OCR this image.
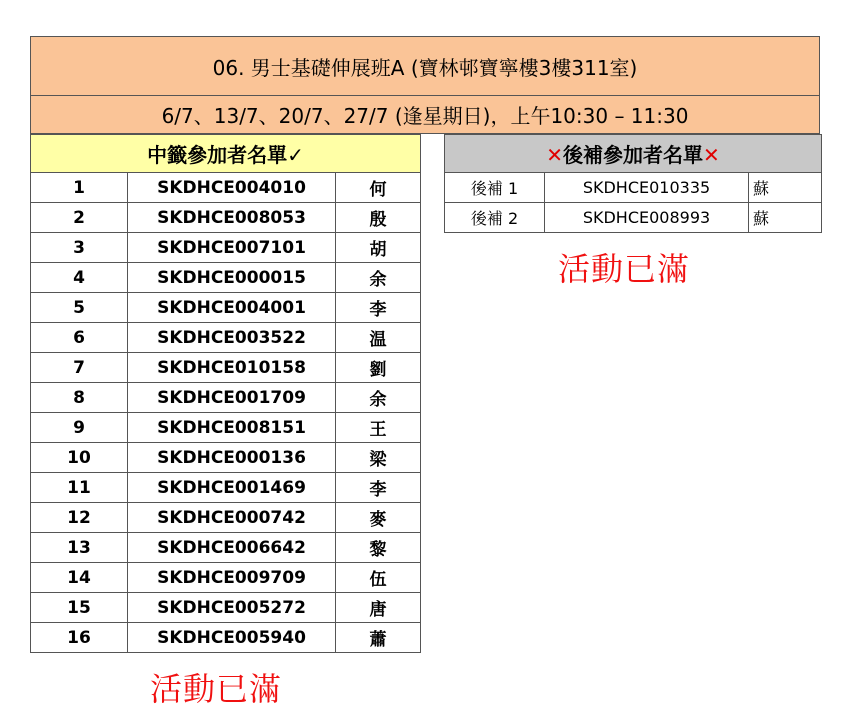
06. 男士基礎伸展班A (寶林邨寶寧樓3樓311室)
6/7、13/7、20/7、27/7 (逢星期日)，上午10:30 – 11:30
中籤參加者名單✓		
1	SKDHCE004010	何
2	SKDHCE008053	殷
3	SKDHCE007101	胡
4	SKDHCE000015	余
5	SKDHCE004001	李
6	SKDHCE003522	温
7	SKDHCE010158	劉
8	SKDHCE001709	余
9	SKDHCE008151	王
10	SKDHCE000136	梁
11	SKDHCE001469	李
12	SKDHCE000742	麥
13	SKDHCE006642	黎
14	SKDHCE009709	伍
15	SKDHCE005272	唐
16	SKDHCE005940	蕭
✕後補參加者名單✕		
後補 1	SKDHCE010335	蘇
後補 2	SKDHCE008993	蘇
活動已滿
活動已滿
